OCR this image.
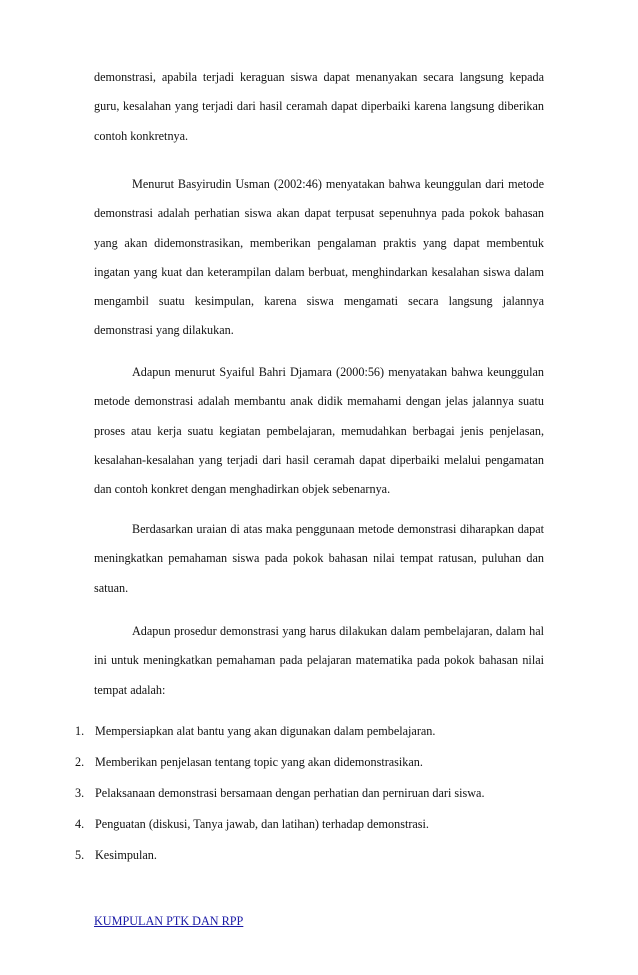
demonstrasi, apabila terjadi keraguan siswa dapat menanyakan secara langsung kepada guru, kesalahan yang terjadi dari hasil ceramah dapat diperbaiki karena langsung diberikan contoh konkretnya.

Menurut Basyirudin Usman (2002:46) menyatakan bahwa keunggulan dari metode demonstrasi adalah perhatian siswa akan dapat terpusat sepenuhnya pada pokok bahasan yang akan didemonstrasikan, memberikan pengalaman praktis yang dapat membentuk ingatan yang kuat dan keterampilan dalam berbuat, menghindarkan kesalahan siswa dalam mengambil suatu kesimpulan, karena siswa mengamati secara langsung jalannya demonstrasi yang dilakukan.

Adapun menurut Syaiful Bahri Djamara (2000:56) menyatakan bahwa keunggulan metode demonstrasi adalah membantu anak didik memahami dengan jelas jalannya suatu proses atau kerja suatu kegiatan pembelajaran, memudahkan berbagai jenis penjelasan, kesalahan-kesalahan yang terjadi dari hasil ceramah dapat diperbaiki melalui pengamatan dan contoh konkret dengan menghadirkan objek sebenarnya.

Berdasarkan uraian di atas maka penggunaan metode demonstrasi diharapkan dapat meningkatkan pemahaman siswa pada pokok bahasan nilai tempat ratusan, puluhan dan satuan.

Adapun prosedur demonstrasi yang harus dilakukan dalam pembelajaran, dalam hal ini untuk meningkatkan pemahaman pada pelajaran matematika pada pokok bahasan nilai tempat adalah:

1. Mempersiapkan alat bantu yang akan digunakan dalam pembelajaran.
2. Memberikan penjelasan tentang topic yang akan didemonstrasikan.
3. Pelaksanaan demonstrasi bersamaan dengan perhatian dan perniruan dari siswa.
4. Penguatan (diskusi, Tanya jawab, dan latihan) terhadap demonstrasi.
5. Kesimpulan.
KUMPULAN PTK DAN RPP
